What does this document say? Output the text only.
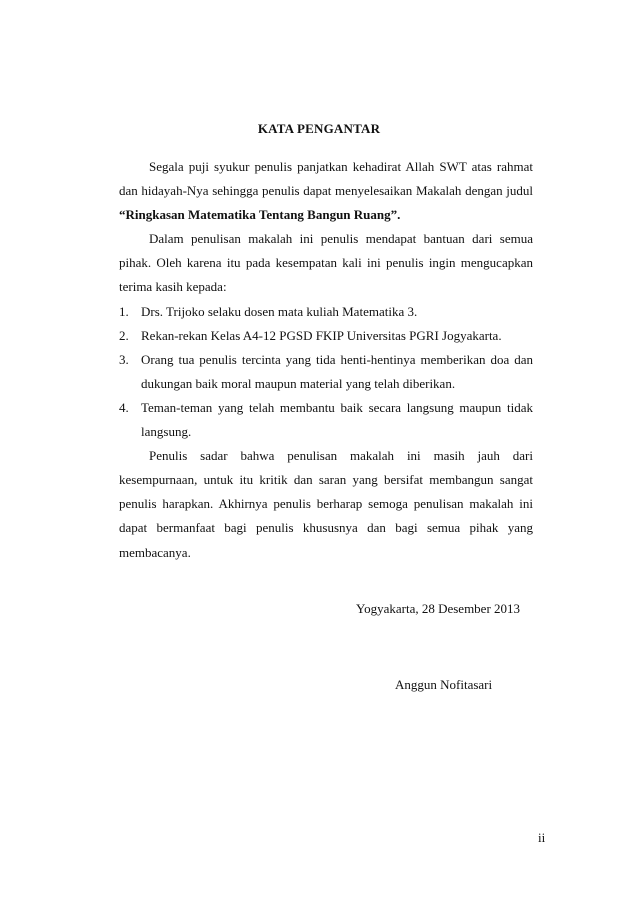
KATA PENGANTAR

Segala puji syukur penulis panjatkan kehadirat Allah SWT atas rahmat dan hidayah-Nya sehingga penulis dapat menyelesaikan Makalah dengan judul “Ringkasan Matematika Tentang Bangun Ruang”.

Dalam penulisan makalah ini penulis mendapat bantuan dari semua pihak. Oleh karena itu pada kesempatan kali ini penulis ingin mengucapkan terima kasih kepada:

1. Drs. Trijoko selaku dosen mata kuliah Matematika 3.
2. Rekan-rekan Kelas A4-12 PGSD FKIP Universitas PGRI Jogyakarta.
3. Orang tua penulis tercinta yang tida henti-hentinya memberikan doa dan dukungan baik moral maupun material yang telah diberikan.
4. Teman-teman yang telah membantu baik secara langsung maupun tidak langsung.

Penulis sadar bahwa penulisan makalah ini masih jauh dari kesempurnaan, untuk itu kritik dan saran yang bersifat membangun sangat penulis harapkan. Akhirnya penulis berharap semoga penulisan makalah ini dapat bermanfaat bagi penulis khususnya dan bagi semua pihak yang membacanya.

Yogyakarta, 28 Desember 2013
Anggun Nofitasari
ii
